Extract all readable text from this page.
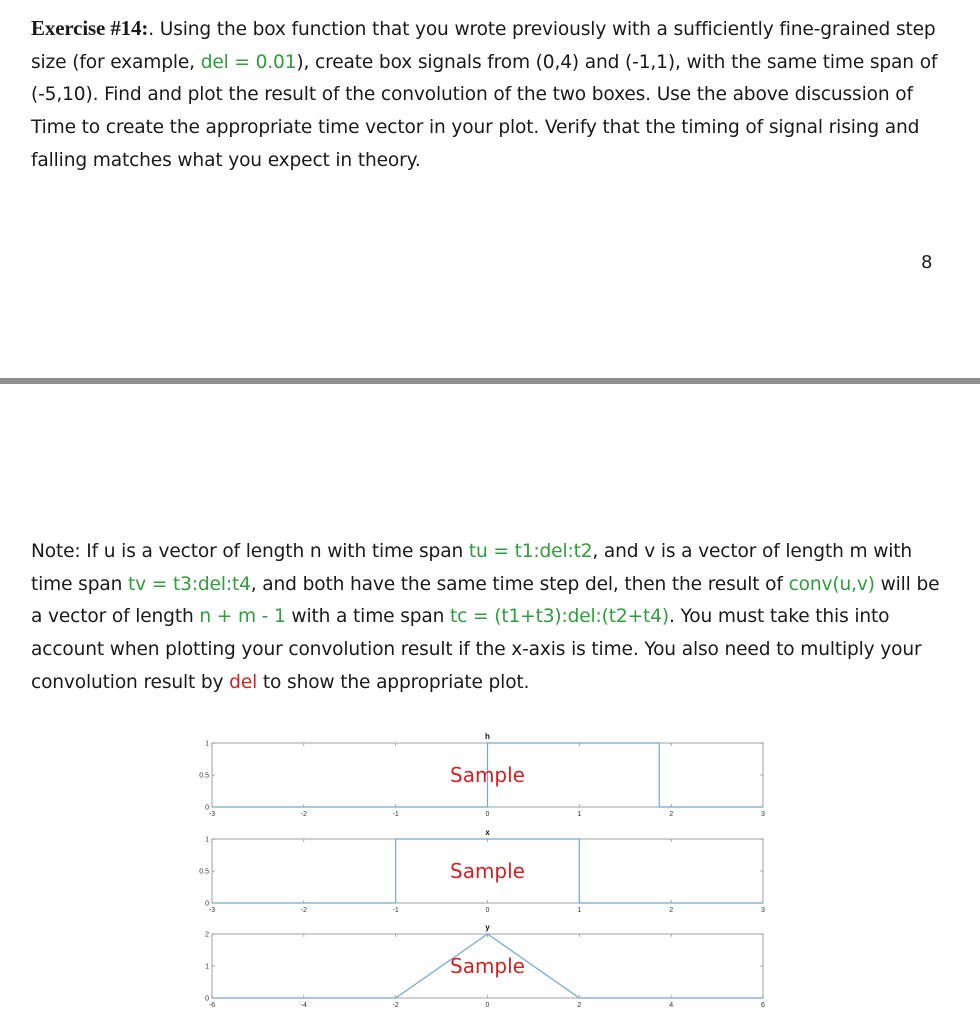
Exercise #14:. Using the box function that you wrote previously with a sufficiently fine-grained step size (for example, del = 0.01), create box signals from (0,4) and (-1,1), with the same time span of (-5,10). Find and plot the result of the convolution of the two boxes. Use the above discussion of Time to create the appropriate time vector in your plot. Verify that the timing of signal rising and falling matches what you expect in theory.

8

Note: If u is a vector of length n with time span tu = t1:del:t2, and v is a vector of length m with time span tv = t3:del:t4, and both have the same time step del, then the result of conv(u,v) will be a vector of length n + m - 1 with a time span tc = (t1+t3):del:(t2+t4). You must take this into account when plotting your convolution result if the x-axis is time. You also need to multiply your convolution result by del to show the appropriate plot.

-3	-2	-1	0	1	2	3
0
0.5
1
h
Sample
-3	-2	-1	0	1	2	3
0
0.5
1
x
Sample
-6	-4	-2	0	2	4	6
0
1
2
y
Sample
